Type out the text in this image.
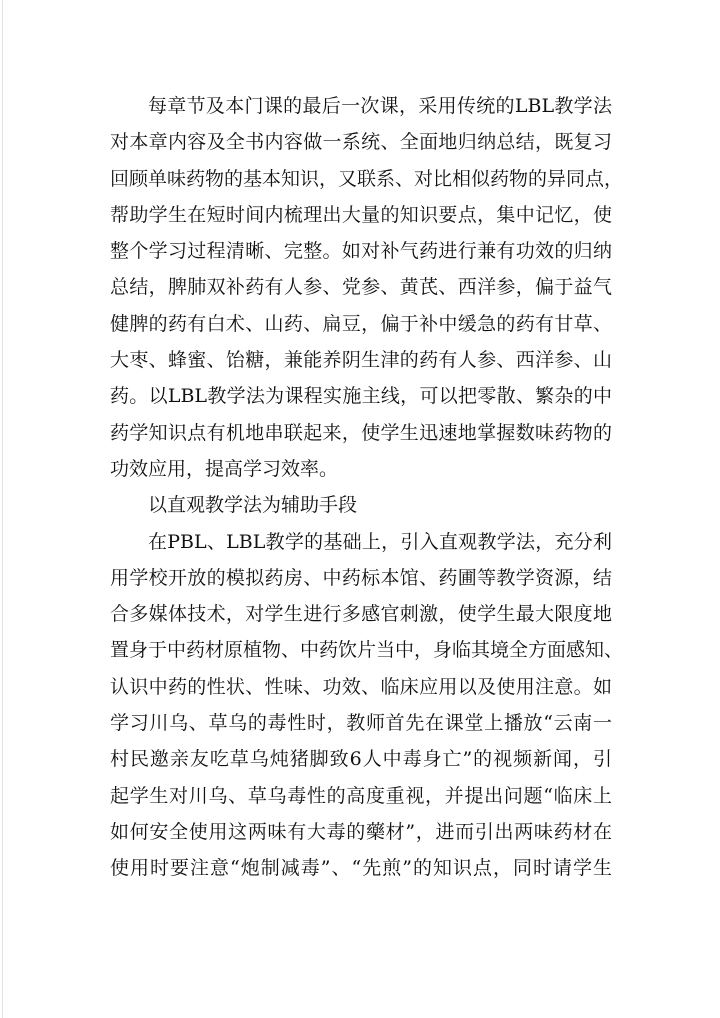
每章节及本门课的最后一次课，采用传统的LBL教学法
对本章内容及全书内容做一系统、全面地归纳总结，既复习
回顾单味药物的基本知识，又联系、对比相似药物的异同点，
帮助学生在短时间内梳理出大量的知识要点，集中记忆，使
整个学习过程清晰、完整。如对补气药进行兼有功效的归纳
总结，脾肺双补药有人参、党参、黄芪、西洋参，偏于益气
健脾的药有白术、山药、扁豆，偏于补中缓急的药有甘草、
大枣、蜂蜜、饴糖，兼能养阴生津的药有人参、西洋参、山
药。以LBL教学法为课程实施主线，可以把零散、繁杂的中
药学知识点有机地串联起来，使学生迅速地掌握数味药物的
功效应用，提高学习效率。
以直观教学法为辅助手段
在PBL、LBL教学的基础上，引入直观教学法，充分利
用学校开放的模拟药房、中药标本馆、药圃等教学资源，结
合多媒体技术，对学生进行多感官刺激，使学生最大限度地
置身于中药材原植物、中药饮片当中，身临其境全方面感知、
认识中药的性状、性味、功效、临床应用以及使用注意。如
学习川乌、草乌的毒性时，教师首先在课堂上播放“云南一
村民邀亲友吃草乌炖猪脚致6人中毒身亡”的视频新闻，引
起学生对川乌、草乌毒性的高度重视，并提出问题“临床上
如何安全使用这两味有大毒的藥材”，进而引出两味药材在
使用时要注意“炮制减毒”、“先煎”的知识点，同时请学生
